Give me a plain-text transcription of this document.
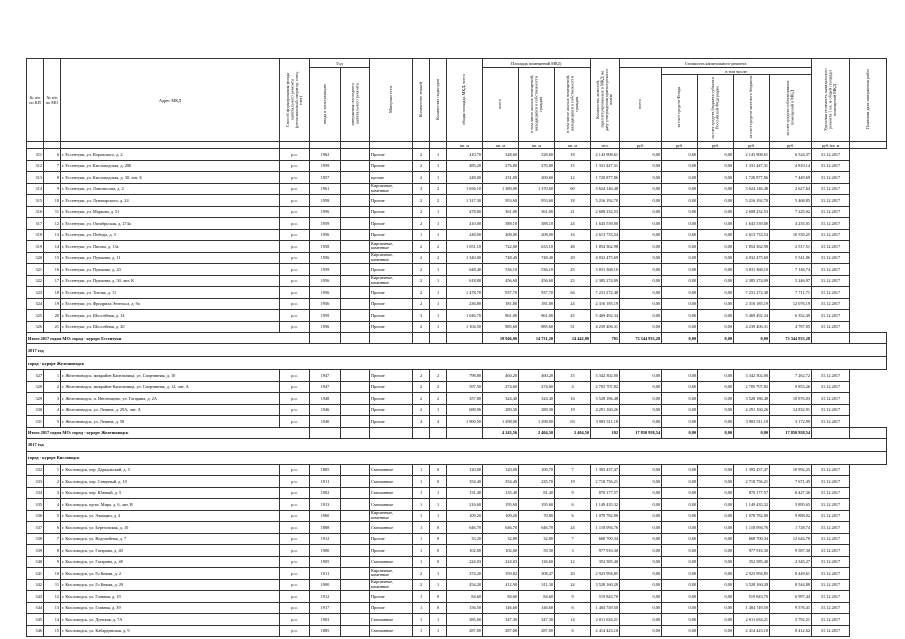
№ п/п по КП	№ п/п по МО	Адрес МКД	Способ формирования фонда капитального ремонта (региональный оператор, спец. счет)	Год		Материал стен	Количество этажей	Количество подъездов	общая площадь МКД, всего	Площадь помещений МКД:			Количество жителей, зарегистрированных в МКД на дату утверждения краткосрочного плана	Стоимость капитального ремонта					Удельная стоимость капитального ремонта 1 кв. м общей площади помещений МКД	Плановая дата завершения работ
				ввода в эксплуатацию	завершения последнего капитального ремонта					всего	в том числе жилых помещений, находящихся в собственности граждан	в том числе жилых помещений, находящихся в собственности граждан		всего	в том числе:					
															за счет средств Фонда	за счет средств бюджета субъекта Российской Федерации	за счет средств местного бюджета	за счет средств собственников помещений в МКД		
									кв. м	кв. м	кв. м	кв. м	чел.	руб.	руб.	руб.	руб.	руб.	руб./кв. м	
311	6	г. Ессентуки, ул. Воровского, д. 2	р.о.	1962		Прочие	2	1	410,70	328,60	328,60	18	2 143 908,61	0,00	0,00	0,00	2 143 908,61	6 524,37	31.12.2017	
312	7	г. Ессентуки, ул. Кисловодская, д. 20Б	р.о.	1959		Прочие	2	1	485,20	276,80	276,80	15	1 331 447,31	0,00	0,00	0,00	1 331 447,31	4 810,14	31.12.2017	
313	8	г. Ессентуки, ул. Кисловодская, д. 30, лит. Б	р.о.	1957		прочие	2	1	248,00	231,00	200,60	12	1 720 877,86	0,00	0,00	0,00	1 720 877,86	7 449,69	31.12.2017	
314	9	г. Ессентуки, ул. Ломоносова, д. 2	р.о.	1961		Кирпичные, каменные	3	2	1 656,10	1 380,00	1 370,60	60	3 624 146,48	0,00	0,00	0,00	3 624 146,48	2 627,64	31.12.2017	
315	10	г. Ессентуки, ул. Луначарского, д. 24	р.о.	1958		Прочие	2	2	1 317,30	953,60	953,60	18	5 216 192,70	0,00	0,00	0,00	5 216 192,70	5 468,85	31.12.2017	
316	11	г. Ессентуки, ул. Маркова, д. 51	р.о.	1956		Прочие	2	1	478,00	361,00	361,00	21	2 608 232,53	0,00	0,00	0,00	2 608 232,53	7 225,02	31.12.2017	
317	12	г. Ессентуки, ул. Октябрьская, д. 274а	р.о.	1959		Прочие	2	1	410,00	388,10	388,10	24	1 643 539,00	0,00	0,00	0,00	1 643 539,00	4 235,01	31.12.2017	
318	13	г. Ессентуки, ул. Победы, д. 3	р.о.	1956		Прочие	1	1	248,00	208,00	208,00	16	2 613 733,54	0,00	0,00	0,00	2 613 733,54	10 539,25	31.12.2017	
319	14	г. Ессентуки, ул. Пятова, д. 13а	р.о.	1958		Кирпичные, каменные	2	2	1 051,10	722,00	633,10	48	1 854 362,98	0,00	0,00	0,00	1 854 362,98	2 517,51	31.12.2017	
320	15	г. Ессентуки, ул. Пушкина, д. 11	р.о.	1956		Кирпичные, каменные	2	2	1 340,00	748,40	748,40	29	4 032 475,69	0,00	0,00	0,00	4 032 475,69	5 541,86	31.12.2017	
321	16	г. Ессентуки, ул. Пушкина, д. 43	р.о.	1959		Прочие	2	1	648,40	536,10	536,10	25	3 831 368,10	0,00	0,00	0,00	3 831 368,10	7 146,74	31.12.2017	
322	17	г. Ессентуки, ул. Пушкина, д. 50, лит. К	р.о.	1956		Кирпичные, каменные	2	1	618,80	456,60	456,60	23	2 385 274,09	0,00	0,00	0,00	2 385 274,09	5 246,97	31.12.2017	
323	18	г. Ессентуки, ул. Титова, д. 11	р.о.	1956		Прочие	2	1	1 478,70	937,70	937,70	64	7 231 272,48	0,00	0,00	0,00	7 231 272,48	7 711,71	31.12.2017	
324	19	г. Ессентуки, ул. Фридриха Энгельса, д. 9а	р.о.	1956		Прочие	2	1	236,80	181,80	181,80	24	2 316 185,19	0,00	0,00	0,00	2 316 185,19	12 076,19	31.12.2017	
325	20	г. Ессентуки, ул. Шоссейная, д. 14	р.о.	1959		Прочие	3	1	1 046,70	861,00	861,00	45	5 469 492,34	0,00	0,00	0,00	5 469 492,34	6 352,49	31.12.2017	
326	21	г. Ессентуки, ул. Шоссейная, д. 20	р.о.	1956		Прочие	2	1	1 104,50	885,60	885,60	51	4 239 406,31	0,00	0,00	0,00	4 239 406,31	4 787,05	31.12.2017	
Итого 2017 годом МО: город - курорт Ессентуки										19 946,00	14 731,20	14 442,80	701	73 344 933,28	0,00	0,00	0,00	73 344 933,28		
2017 год																				
город - курорт Железноводск																				
327	1	г. Железноводск, микрайон Капельница, ул. Спортивная, д. 10	р.о.	1947		Прочие	2	2	798,80	460,20	460,20	15	3 342 302,00	0,00	0,00	0,00	3 342 302,00	7 262,72	31.12.2017	
328	2	г. Железноводск, микрайон Капельница, ул. Спортивная, д. 12, лит. А	р.о.	1947		Прочие	2	2	397,50	274,60	274,60	4	2 705 707,82	0,00	0,00	0,00	2 705 707,82	9 853,26	31.12.2017	
329	3	г. Железноводск, п. Иноземцево, ул. Гагарина, д. 2А	р.о.	1948		Прочие	2	2	357,80	324,40	324,40	16	3 528 186,48	0,00	0,00	0,00	3 528 186,48	10 876,03	31.12.2017	
330	4	г. Железноводск, ул. Ленина, д. 29А, лит. А	р.о.	1946		Прочие	2	1	688,96	289,30	289,30	19	4 291 160,26	0,00	0,00	0,00	4 291 160,26	14 832,91	31.12.2017	
331	5	г. Железноводск, ул. Ленина, д. 58	р.о.	1940		Прочие	4	4	1 900,50	1 298,00	1 298,00	63	3 983 511,18	0,00	0,00	0,00	3 983 511,18	3 172,99	31.12.2017	
Итого 2017 годом МО: город - курорт Железноводск										4 243,56	2 404,50	2 404,50	102	17 850 958,54	0,00	0,00	0,00	17 850 958,54		
2017 год																				
город - курорт Кисловодск																				
332	1	г. Кисловодск, пер. Дарьяльский, д. 5	р.о.	1885		Смешанные	1	0	120,00	120,00	100,70	7	1 395 437,47	0,00	0,00	0,00	1 395 437,47	10 992,25	31.12.2017	
333	2	г. Кисловодск, пер. Северный, д. 10	р.о.	1911		Смешанные	1	0	354,40	354,40	235,70	19	2 718 756,21	0,00	0,00	0,00	2 718 756,21	7 671,45	31.12.2017	
334	3	г. Кисловодск, пер. Южный, д. 5	р.о.	1902		Смешанные	1	1	131,40	135,40	81,40	9	870 177,57	0,00	0,00	0,00	870 177,57	6 427,36	31.12.2017	
335	4	г. Кисловодск, пр-кт. Мира, д. 6, лит. В	р.о.	1913		Смешанные	1	1	216,60	195,60	195,60	6	1 149 435,32	0,00	0,00	0,00	1 149 435,32	5 895,65	31.12.2017	
336	5	г. Кисловодск, ул. Авиации, д. 4	р.о.	1960		Кирпичные, каменные	1	1	109,20	109,20	70,80	6	1 078 782,80	0,00	0,00	0,00	1 078 782,80	9 888,02	31.12.2017	
337	6	г. Кисловодск, ул. Березовская, д. 10	р.о.	1888		Смешанные	1	0	646,70	646,70	646,70	24	1 118 094,76	0,00	0,00	0,00	1 118 094,76	1 728,74	31.12.2017	
338	7	г. Кисловодск, ул. Водопойная, д. 7	р.о.	1912		Прочие	1	0	33,20	32,80	32,80	7	668 700,34	0,00	0,00	0,00	668 700,34	12 644,78	31.12.2017	
339	8	г. Кисловодск, ул. Гагарина, д. 40	р.о.	1900		Прочие	1	0	102,00	102,00	59,30	3	977 916,30	0,00	0,00	0,00	977 916,30	9 587,30	31.12.2017	
340	9	г. Кисловодск, ул. Гагарина, д. 48	р.о.	1905		Смешанные	1	0	224,03	224,03	126,60	12	352 585,40	0,00	0,00	0,00	352 585,40	2 345,27	31.12.2017	
341	10	г. Кисловодск, ул. Го Кеями, д. 2	р.о.	1911		Кирпичные, каменные	2	1	374,20	359,82	308,47	20	2 923 994,85	0,00	0,00	0,00	2 923 994,85	8 449,61	31.12.2017	
342	11	г. Кисловодск, ул. Го Кеями, д. 29	р.о.	1900		Кирпичные, каменные	2	1	454,20	412,90	311,30	24	3 528 160,28	0,00	0,00	0,00	3 528 160,28	8 544,88	31.12.2017	
343	12	г. Кисловодск, ул. Главная, д. 19	р.о.	1912		Прочие	1	0	84,60	84,60	84,60	9	519 843,70	0,00	0,00	0,00	519 843,70	6 997,44	31.12.2017	
344	13	г. Кисловодск, ул. Главная, д. 39	р.о.	1917		Прочие	1	0	156,50	146,60	146,60	6	1 404 749,50	0,00	0,00	0,00	1 404 749,50	9 576,41	31.12.2017	
345	14	г. Кисловодск, ул. Донская, д. 7А	р.о.	1903		Смешанные	1	1	385,60	347,30	347,30	14	2 011 634,21	0,00	0,00	0,00	2 011 634,21	5 792,21	31.12.2017	
346	15	г. Кисловодск, ул. Кабардинская, д. 9	р.о.	1885		Смешанные	1	1	287,00	287,00	287,00	6	2 414 423,10	0,00	0,00	0,00	2 414 423,10	8 412,62	31.12.2017	
